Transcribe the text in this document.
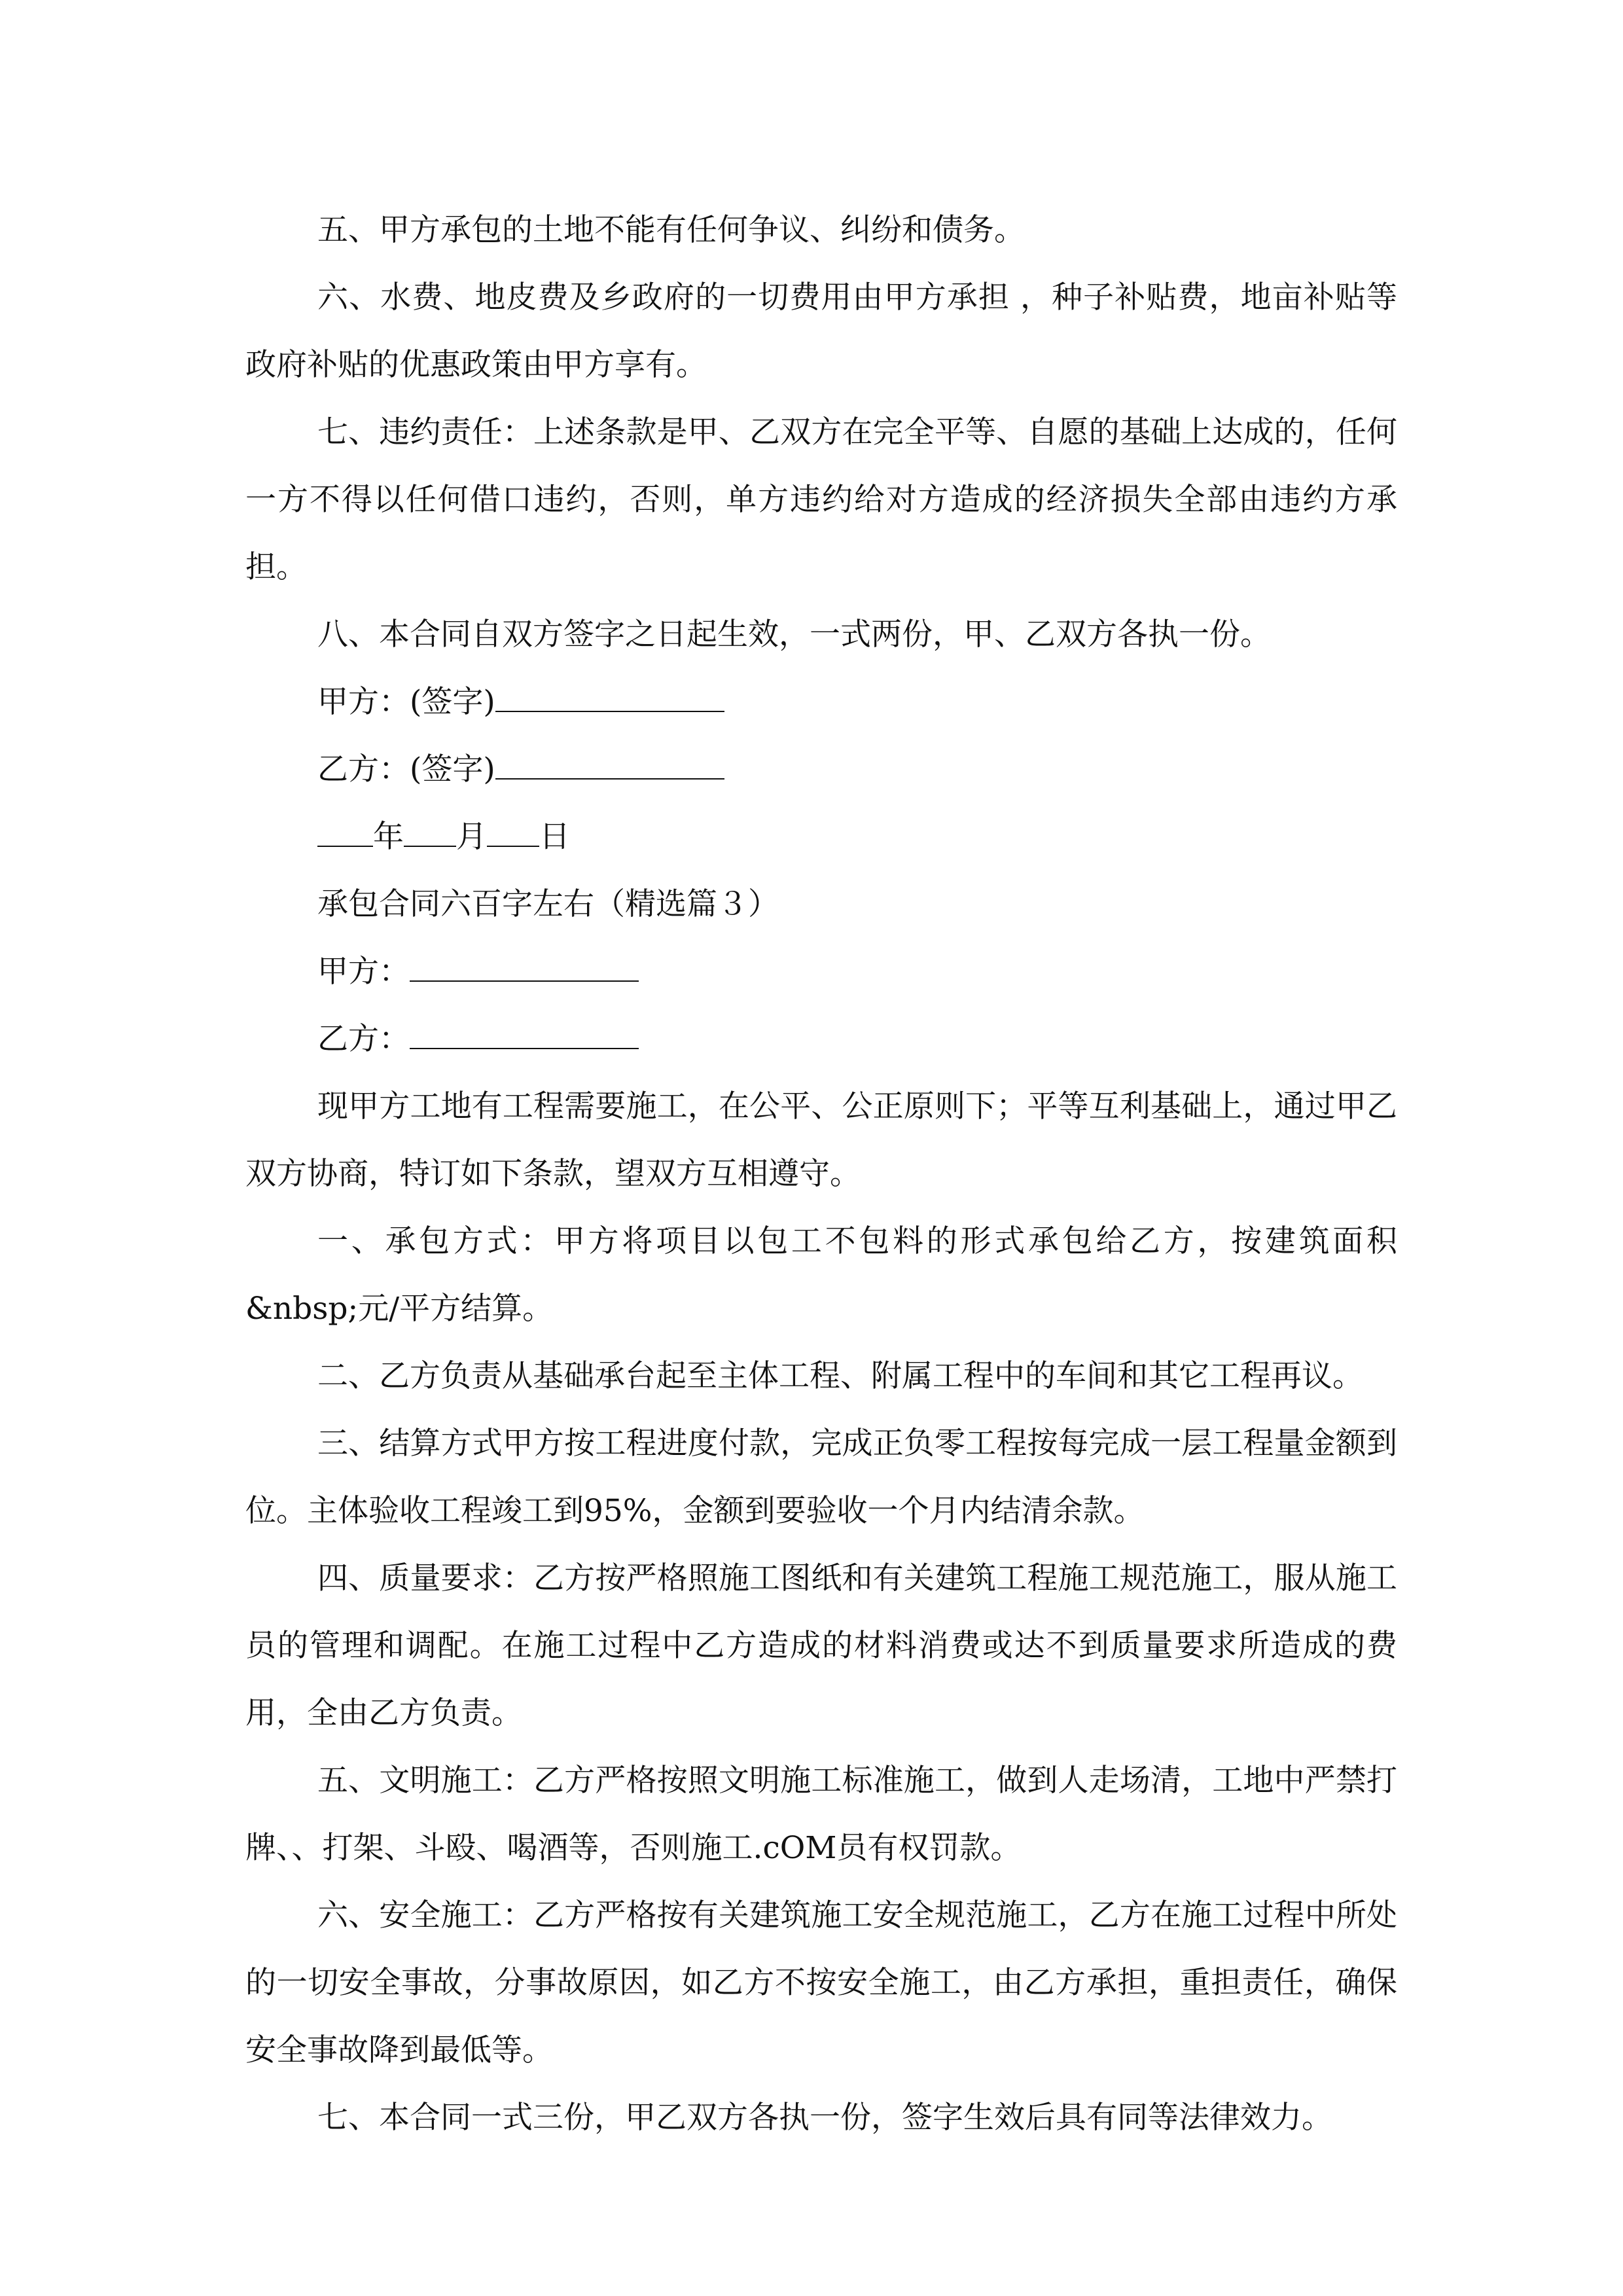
五、甲方承包的土地不能有任何争议、纠纷和债务。

六、水费、地皮费及乡政府的一切费用由甲方承担 ，种子补贴费，地亩补贴等政府补贴的优惠政策由甲方享有。

七、违约责任：上述条款是甲、乙双方在完全平等、自愿的基础上达成的，任何一方不得以任何借口违约，否则，单方违约给对方造成的经济损失全部由违约方承担。

八、本合同自双方签字之日起生效，一式两份，甲、乙双方各执一份。

甲方：(签字)
乙方：(签字)
年 月 日
承包合同六百字左右（精选篇３）
甲方：
乙方：

现甲方工地有工程需要施工，在公平、公正原则下；平等互利基础上，通过甲乙双方协商，特订如下条款，望双方互相遵守。

一、承包方式：甲方将项目以包工不包料的形式承包给乙方，按建筑面积&nbsp;元/平方结算。

二、乙方负责从基础承台起至主体工程、附属工程中的车间和其它工程再议。

三、结算方式甲方按工程进度付款，完成正负零工程按每完成一层工程量金额到位。主体验收工程竣工到95%，金额到要验收一个月内结清余款。

四、质量要求：乙方按严格照施工图纸和有关建筑工程施工规范施工，服从施工员的管理和调配。在施工过程中乙方造成的材料消费或达不到质量要求所造成的费用，全由乙方负责。

五、文明施工：乙方严格按照文明施工标准施工，做到人走场清，工地中严禁打牌、、打架、斗殴、喝酒等，否则施工.cOM员有权罚款。

六、安全施工：乙方严格按有关建筑施工安全规范施工，乙方在施工过程中所处的一切安全事故，分事故原因，如乙方不按安全施工，由乙方承担，重担责任，确保安全事故降到最低等。

七、本合同一式三份，甲乙双方各执一份，签字生效后具有同等法律效力。
